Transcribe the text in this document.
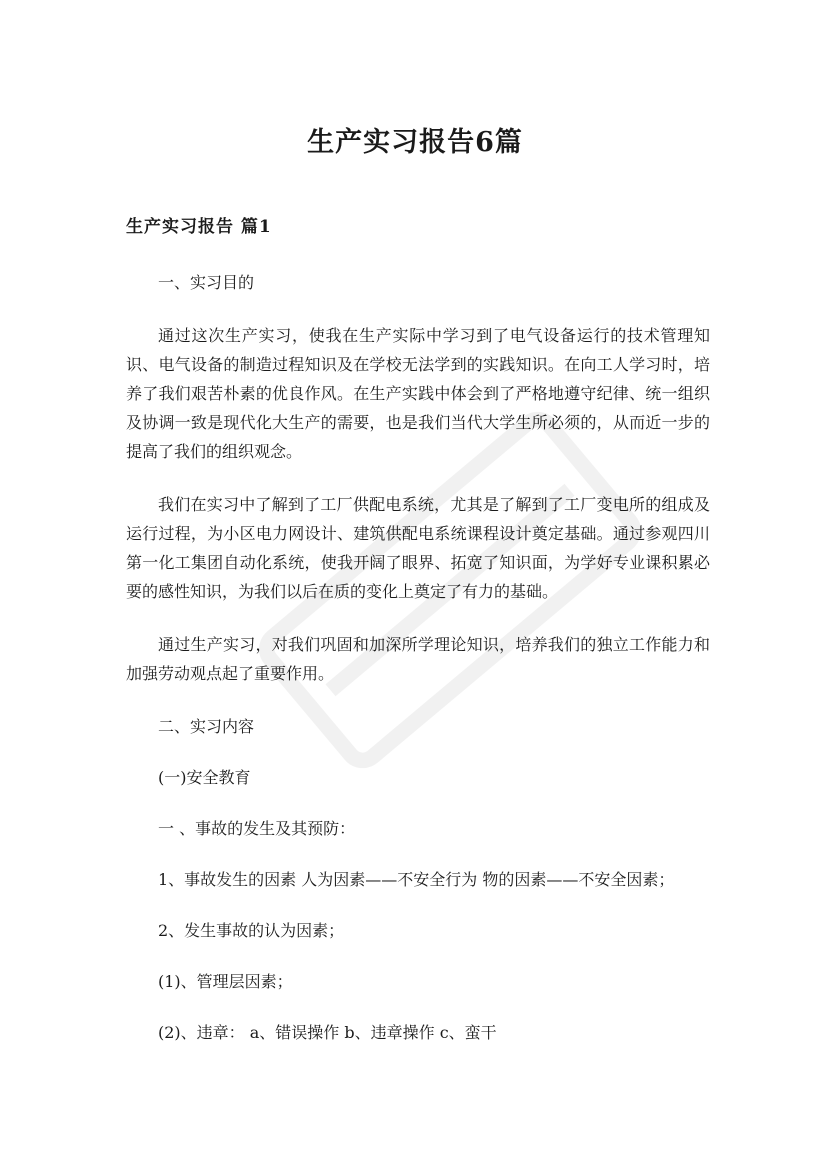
生产实习报告6篇
生产实习报告 篇1

一、实习目的

通过这次生产实习，使我在生产实际中学习到了电气设备运行的技术管理知识、电气设备的制造过程知识及在学校无法学到的实践知识。在向工人学习时，培养了我们艰苦朴素的优良作风。在生产实践中体会到了严格地遵守纪律、统一组织及协调一致是现代化大生产的需要，也是我们当代大学生所必须的，从而近一步的提高了我们的组织观念。

我们在实习中了解到了工厂供配电系统，尤其是了解到了工厂变电所的组成及运行过程，为小区电力网设计、建筑供配电系统课程设计奠定基础。通过参观四川第一化工集团自动化系统，使我开阔了眼界、拓宽了知识面，为学好专业课积累必要的感性知识，为我们以后在质的变化上奠定了有力的基础。

通过生产实习，对我们巩固和加深所学理论知识，培养我们的独立工作能力和加强劳动观点起了重要作用。

二、实习内容

(一)安全教育

一 、事故的发生及其预防：

1、事故发生的因素 人为因素——不安全行为 物的因素——不安全因素；

2、发生事故的认为因素；

(1)、管理层因素；

(2)、违章： a、错误操作 b、违章操作 c、蛮干
